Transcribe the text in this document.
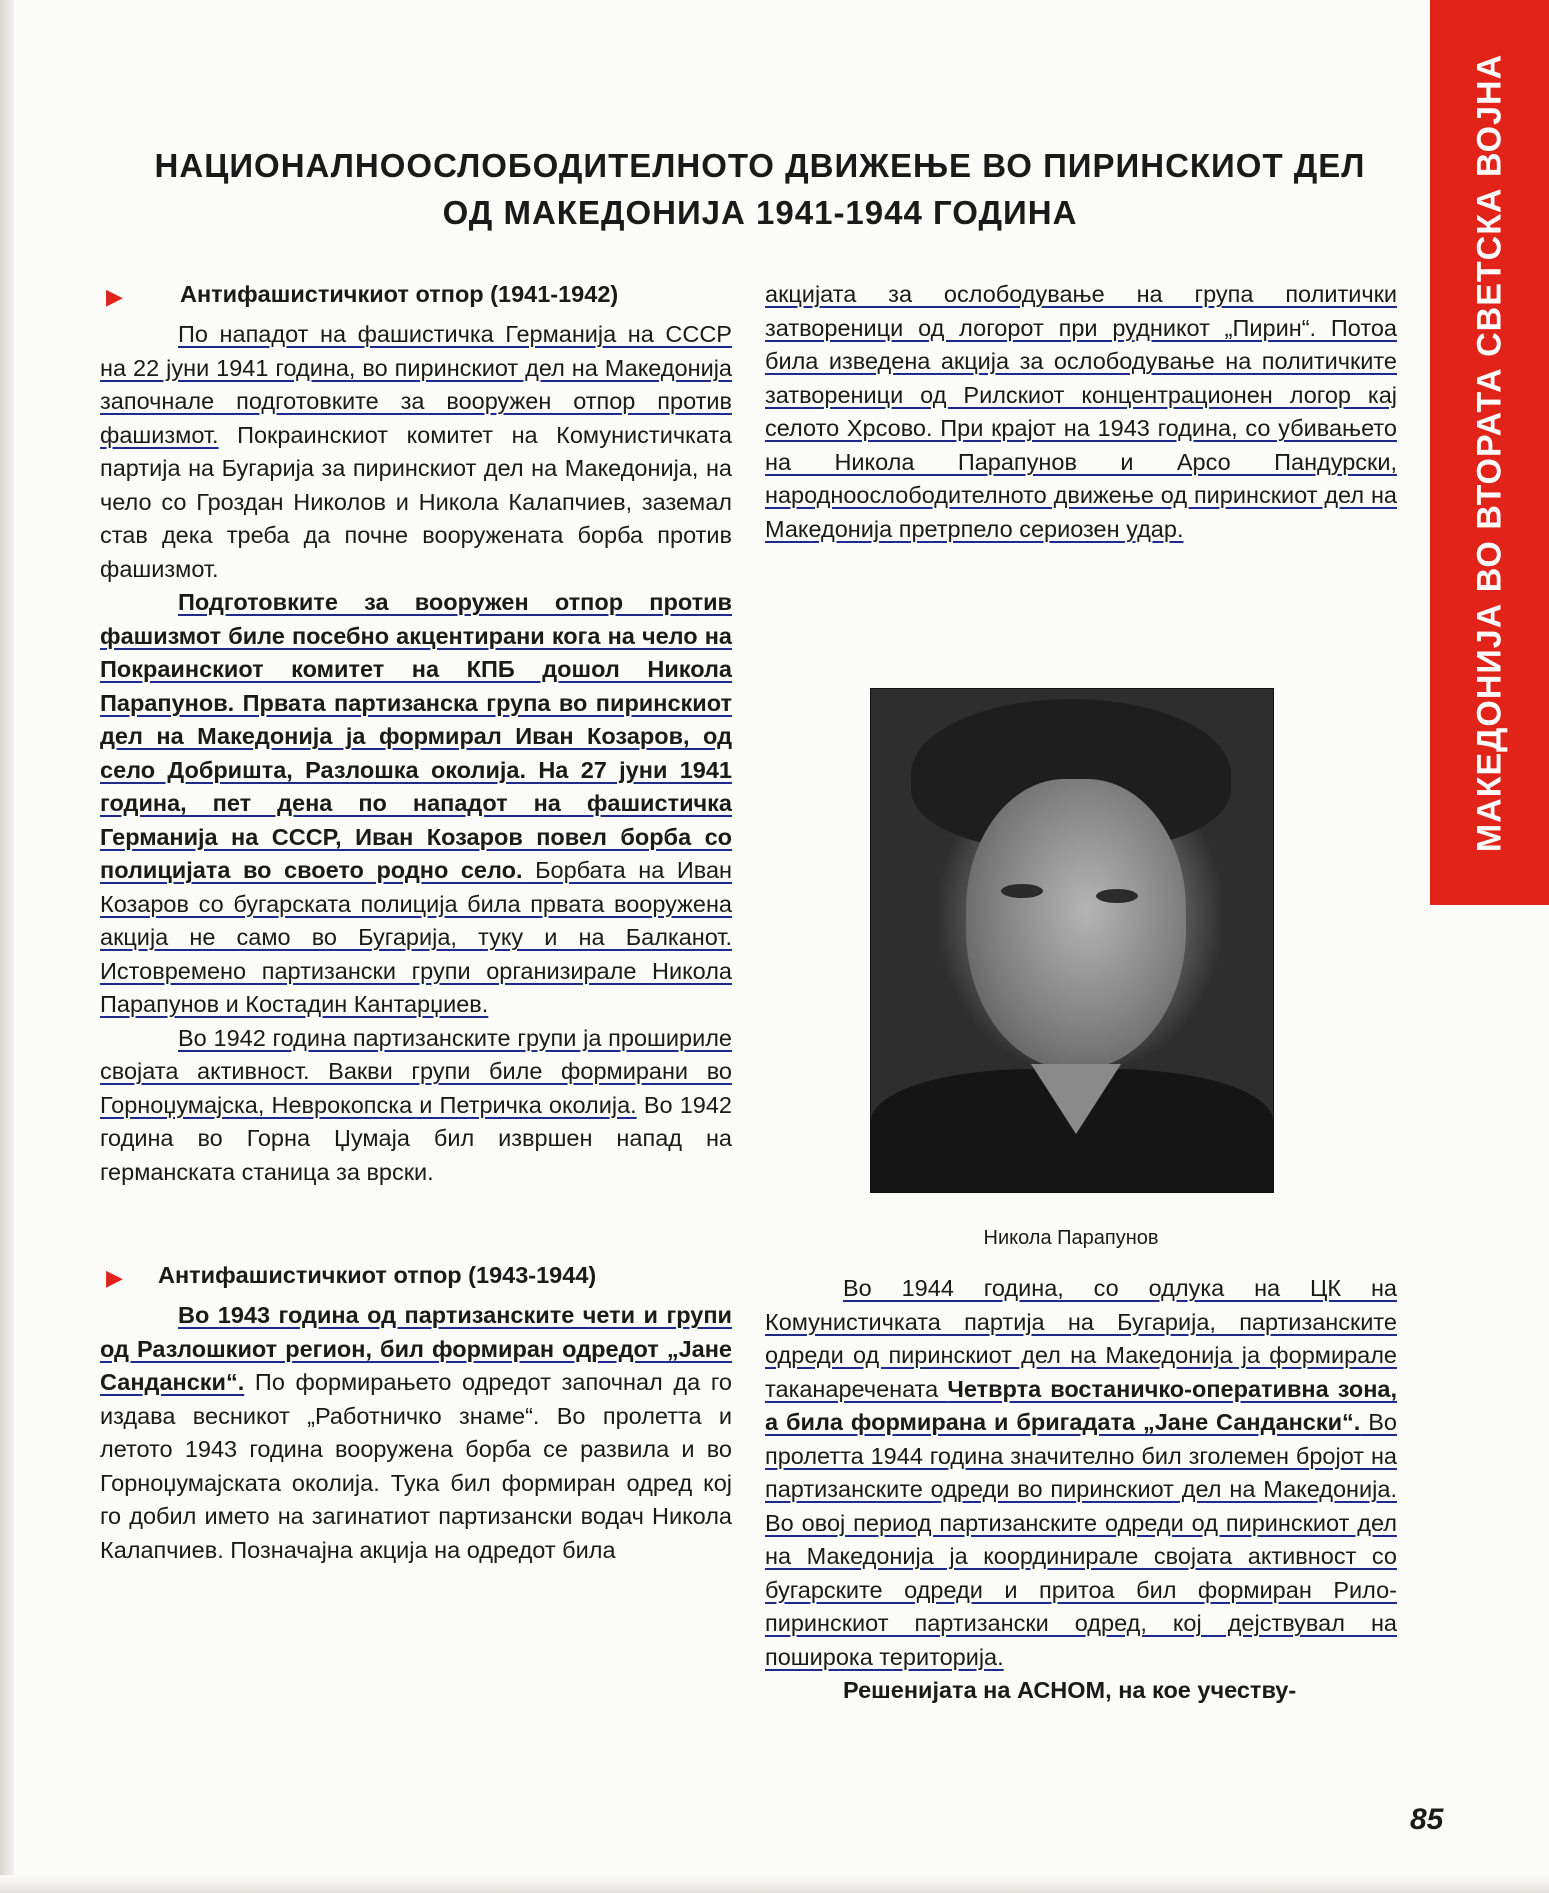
МАКЕДОНИЈА ВО ВТОРАТА СВЕТСКА ВОЈНА
НАЦИОНАЛНООСЛОБОДИТЕЛНОТО ДВИЖЕЊЕ ВО ПИРИНСКИОТ ДЕЛ
ОД МАКЕДОНИЈА 1941-1944 ГОДИНА
▶ Антифашистичкиот отпор (1941-1942)

По нападот на фашистичка Германија на СССР на 22 јуни 1941 година, во пиринскиот дел на Македонија започнале подготовките за вооружен отпор против фашизмот. Покраинскиот комитет на Комунистичката партија на Бугарија за пиринскиот дел на Македонија, на чело со Гроздан Николов и Никола Калапчиев, заземал став дека треба да почне вооружената борба против фашизмот.

Подготовките за вооружен отпор против фашизмот биле посебно акцентирани кога на чело на Покраинскиот комитет на КПБ дошол Никола Парапунов. Првата партизанска група во пиринскиот дел на Македонија ја формирал Иван Козаров, од село Добришта, Разлошка околија. На 27 јуни 1941 година, пет дена по нападот на фашистичка Германија на СССР, Иван Козаров повел борба со полицијата во своето родно село. Борбата на Иван Козаров со бугарската полиција била првата вооружена акција не само во Бугарија, туку и на Балканот. Истовремено партизански групи организирале Никола Парапунов и Костадин Кантарџиев.

Во 1942 година партизанските групи ја прошириле својата активност. Вакви групи биле формирани во Горноџумајска, Неврокопска и Петричка околија. Во 1942 година во Горна Џумаја бил извршен напад на германската станица за врски.

▶ Антифашистичкиот отпор (1943-1944)

Во 1943 година од партизанските чети и групи од Разлошкиот регион, бил формиран одредот „Јане Сандански“. По формирањето одредот започнал да го издава весникот „Работничко знаме“. Во пролетта и летото 1943 година вооружена борба се развила и во Горноџумајската околија. Тука бил формиран одред кој го добил името на загинатиот партизански водач Никола Калапчиев. Позначајна акција на одредот била

акцијата за ослободување на група политички затвореници од логорот при рудникот „Пирин“. Потоа била изведена акција за ослободување на политичките затвореници од Рилскиот концентрационен логор кај селото Хрсово. При крајот на 1943 година, со убивањето на Никола Парапунов и Арсо Пандурски, народноослободителното движење од пиринскиот дел на Македонија претрпело сериозен удар.

Никола Парапунов

Во 1944 година, со одлука на ЦК на Комунистичката партија на Бугарија, партизанските одреди од пиринскиот дел на Македонија ја формирале таканаречената Четврта востаничко-оперативна зона, а била формирана и бригадата „Јане Сандански“. Во пролетта 1944 година значително бил зголемен бројот на партизанските одреди во пиринскиот дел на Македонија. Во овој период партизанските одреди од пиринскиот дел на Македонија ја координирале својата активност со бугарските одреди и притоа бил формиран Рило-пиринскиот партизански одред, кој дејствувал на поширока територија.

Решенијата на АСНОМ, на кое учеству-

85
